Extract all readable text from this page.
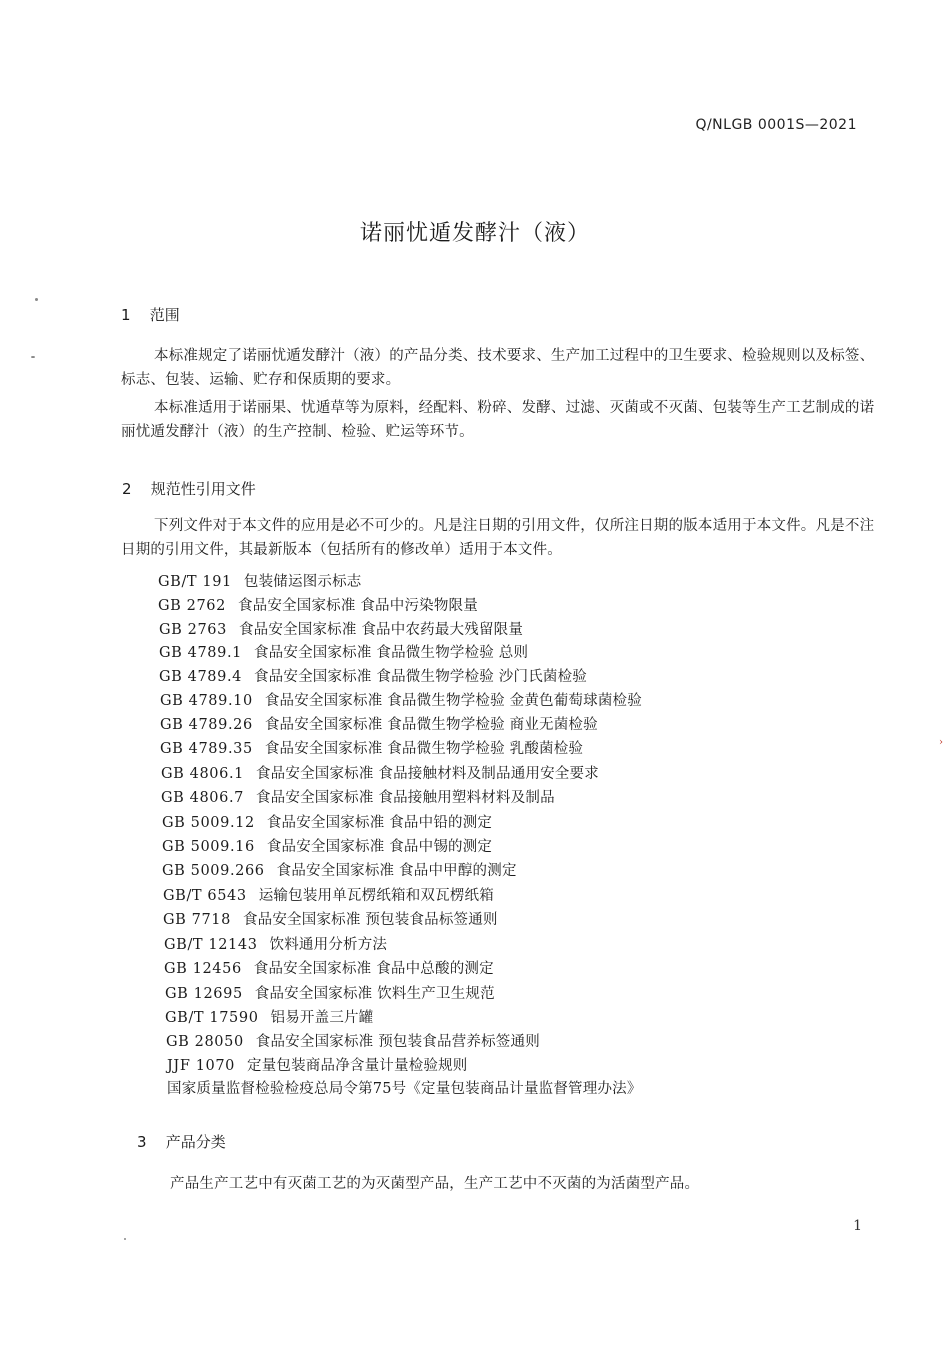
Q/NLGB 0001S—2021
诺丽忧遁发酵汁（液）
1 范围

本标准规定了诺丽忧遁发酵汁（液）的产品分类、技术要求、生产加工过程中的卫生要求、检验规则以及标签、标志、包装、运输、贮存和保质期的要求。

本标准适用于诺丽果、忧遁草等为原料，经配料、粉碎、发酵、过滤、灭菌或不灭菌、包装等生产工艺制成的诺丽忧遁发酵汁（液）的生产控制、检验、贮运等环节。

2 规范性引用文件

下列文件对于本文件的应用是必不可少的。凡是注日期的引用文件，仅所注日期的版本适用于本文件。凡是不注日期的引用文件，其最新版本（包括所有的修改单）适用于本文件。

GB/T 191 包装储运图示标志
GB 2762 食品安全国家标准 食品中污染物限量
GB 2763 食品安全国家标准 食品中农药最大残留限量
GB 4789.1 食品安全国家标准 食品微生物学检验 总则
GB 4789.4 食品安全国家标准 食品微生物学检验 沙门氏菌检验
GB 4789.10 食品安全国家标准 食品微生物学检验 金黄色葡萄球菌检验
GB 4789.26 食品安全国家标准 食品微生物学检验 商业无菌检验
GB 4789.35 食品安全国家标准 食品微生物学检验 乳酸菌检验
GB 4806.1 食品安全国家标准 食品接触材料及制品通用安全要求
GB 4806.7 食品安全国家标准 食品接触用塑料材料及制品
GB 5009.12 食品安全国家标准 食品中铅的测定
GB 5009.16 食品安全国家标准 食品中锡的测定
GB 5009.266 食品安全国家标准 食品中甲醇的测定
GB/T 6543 运输包装用单瓦楞纸箱和双瓦楞纸箱
GB 7718 食品安全国家标准 预包装食品标签通则
GB/T 12143 饮料通用分析方法
GB 12456 食品安全国家标准 食品中总酸的测定
GB 12695 食品安全国家标准 饮料生产卫生规范
GB/T 17590 铝易开盖三片罐
GB 28050 食品安全国家标准 预包装食品营养标签通则
JJF 1070 定量包装商品净含量计量检验规则
国家质量监督检验检疫总局令第75号《定量包装商品计量监督管理办法》
3 产品分类

产品生产工艺中有灭菌工艺的为灭菌型产品，生产工艺中不灭菌的为活菌型产品。

1
›
